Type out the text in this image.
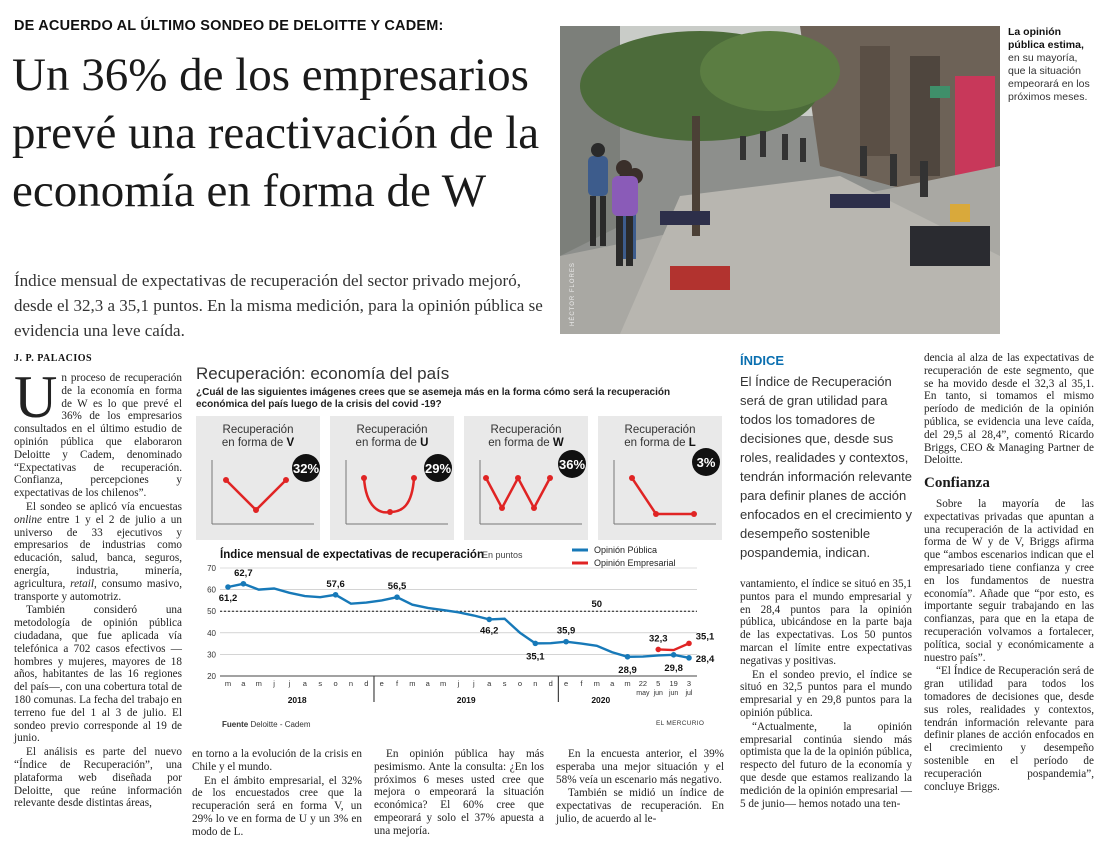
DE ACUERDO AL ÚLTIMO SONDEO DE DELOITTE Y CADEM:
Un 36% de los empresarios prevé una reactivación de la economía en forma de W
Índice mensual de expectativas de recuperación del sector privado mejoró, desde el 32,3 a 35,1 puntos. En la misma medición, para la opinión pública se evidencia una leve caída.
HÉCTOR FLORES
La opinión pública estima, en su mayoría, que la situación empeorará en los próximos meses.
J. P. PALACIOS
U n proceso de recuperación de la economía en forma de W es lo que prevé el 36% de los empresarios consultados en el último estudio de opinión pública que elaboraron Deloitte y Cadem, denominado “Expectativas de recuperación. Confianza, percepciones y expectativas de los chilenos”.

El sondeo se aplicó vía encuestas online entre 1 y el 2 de julio a un universo de 33 ejecutivos y empresarios de industrias como educación, salud, banca, seguros, energía, industria, minería, agricultura, retail, consumo masivo, transporte y automotriz.

También consideró una metodología de opinión pública ciudadana, que fue aplicada vía telefónica a 702 casos efectivos —hombres y mujeres, mayores de 18 años, habitantes de las 16 regiones del país—, con una cobertura total de 180 comunas. La fecha del trabajo en terreno fue del 1 al 3 de julio. El sondeo previo corresponde al 19 de junio.

El análisis es parte del nuevo “Índice de Recuperación”, una plataforma web diseñada por Deloitte, que reúne información relevante desde distintas áreas,

Recuperación: economía del país
¿Cuál de las siguientes imágenes crees que se asemeja más en la forma cómo será la recuperación económica del país luego de la crisis del covid -19?
Recuperación
en forma de V
32%
Recuperación
en forma de U
29%
Recuperación
en forma de W
36%
Recuperación
en forma de L
3%
Índice mensual de expectativas de recuperación
En puntos
20
30
40
50
60
70
m a m j j a s o n d e f m a m j j a s o n d e f m a m 22
may
5
jun
19
jun
3
jul
2018	2019	2020
50
61,2
62,7
57,6	56,5
46,2
35,1
35,9
28,9	29,8
28,4
32,3	35,1
Opinión Pública
Opinión Empresarial
Fuente Deloitte - Cadem	EL MERCURIO

en torno a la evolución de la crisis en Chile y el mundo.

En el ámbito empresarial, el 32% de los encuestados cree que la recuperación será en forma V, un 29% lo ve en forma de U y un 3% en modo de L.

En opinión pública hay más pesimismo. Ante la consulta: ¿En los próximos 6 meses usted cree que mejora o empeorará la situación económica? El 60% cree que empeorará y solo el 37% apuesta a una mejoría.

En la encuesta anterior, el 39% esperaba una mejor situación y el 58% veía un escenario más negativo.

También se midió un índice de expectativas de recuperación. En julio, de acuerdo al le-

ÍNDICE
El Índice de Recuperación será de gran utilidad para todos los tomadores de decisiones que, desde sus roles, realidades y contextos, tendrán información relevante para definir planes de acción enfocados en el crecimiento y desempeño sostenible pospandemia, indican.

vantamiento, el índice se situó en 35,1 puntos para el mundo empresarial y en 28,4 puntos para la opinión pública, ubicándose en la parte baja de las expectativas. Los 50 puntos marcan el límite entre expectativas negativas y positivas.

En el sondeo previo, el índice se situó en 32,5 puntos para el mundo empresarial y en 29,8 puntos para la opinión pública.

“Actualmente, la opinión empresarial continúa siendo más optimista que la de la opinión pública, respecto del futuro de la economía y que desde que estamos realizando la medición de la opinión empresarial —5 de junio— hemos notado una ten-

dencia al alza de las expectativas de recuperación de este segmento, que se ha movido desde el 32,3 al 35,1. En tanto, si tomamos el mismo período de medición de la opinión pública, se evidencia una leve caída, del 29,5 al 28,4”, comentó Ricardo Briggs, CEO & Managing Partner de Deloitte.

Confianza

Sobre la mayoría de las expectativas privadas que apuntan a una recuperación de la actividad en forma de W y de V, Briggs afirma que “ambos escenarios indican que el empresariado tiene confianza y cree en los fundamentos de nuestra economía”. Añade que “por esto, es importante seguir trabajando en las confianzas, para que en la etapa de recuperación volvamos a fortalecer, política, social y económicamente a nuestro país”.

“El Índice de Recuperación será de gran utilidad para todos los tomadores de decisiones que, desde sus roles, realidades y contextos, tendrán información relevante para definir planes de acción enfocados en el crecimiento y desempeño sostenible en el período de recuperación pospandemia”, concluye Briggs.
